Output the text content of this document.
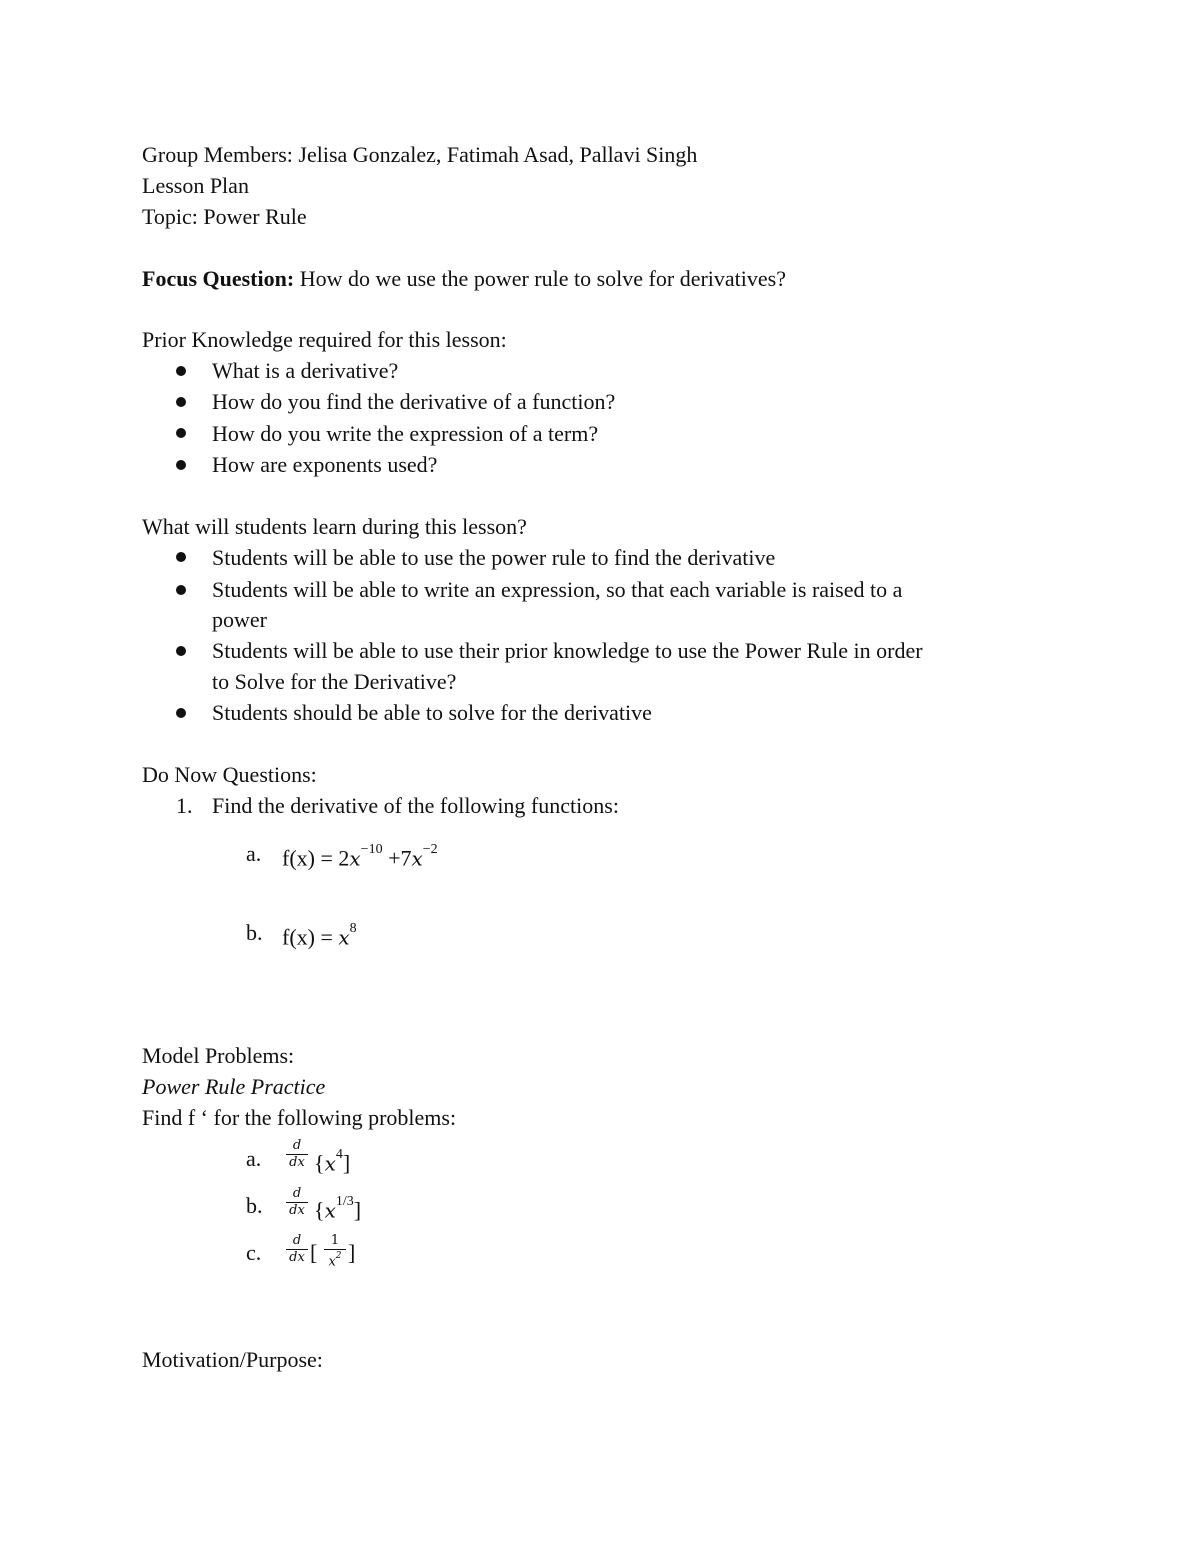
Group Members: Jelisa Gonzalez, Fatimah Asad, Pallavi Singh
Lesson Plan
Topic: Power Rule
Focus Question: How do we use the power rule to solve for derivatives?
Prior Knowledge required for this lesson:
What is a derivative?
How do you find the derivative of a function?
How do you write the expression of a term?
How are exponents used?
What will students learn during this lesson?
Students will be able to use the power rule to find the derivative
Students will be able to write an expression, so that each variable is raised to a
power
Students will be able to use their prior knowledge to use the Power Rule in order
to Solve for the Derivative?
Students should be able to solve for the derivative
Do Now Questions:
1. Find the derivative of the following functions:
a. $f(x) = 2x^{-10} +7x^{-2}$
b. $f(x) = x^8$
Model Problems:
Power Rule Practice
Find f ‘ for the following problems:
a.
d
dx $\{x^4]$
b.	d
dx $\{x^{1/3}]$
c.	d
dx [	1
$x^2$ ]
Motivation/Purpose:
